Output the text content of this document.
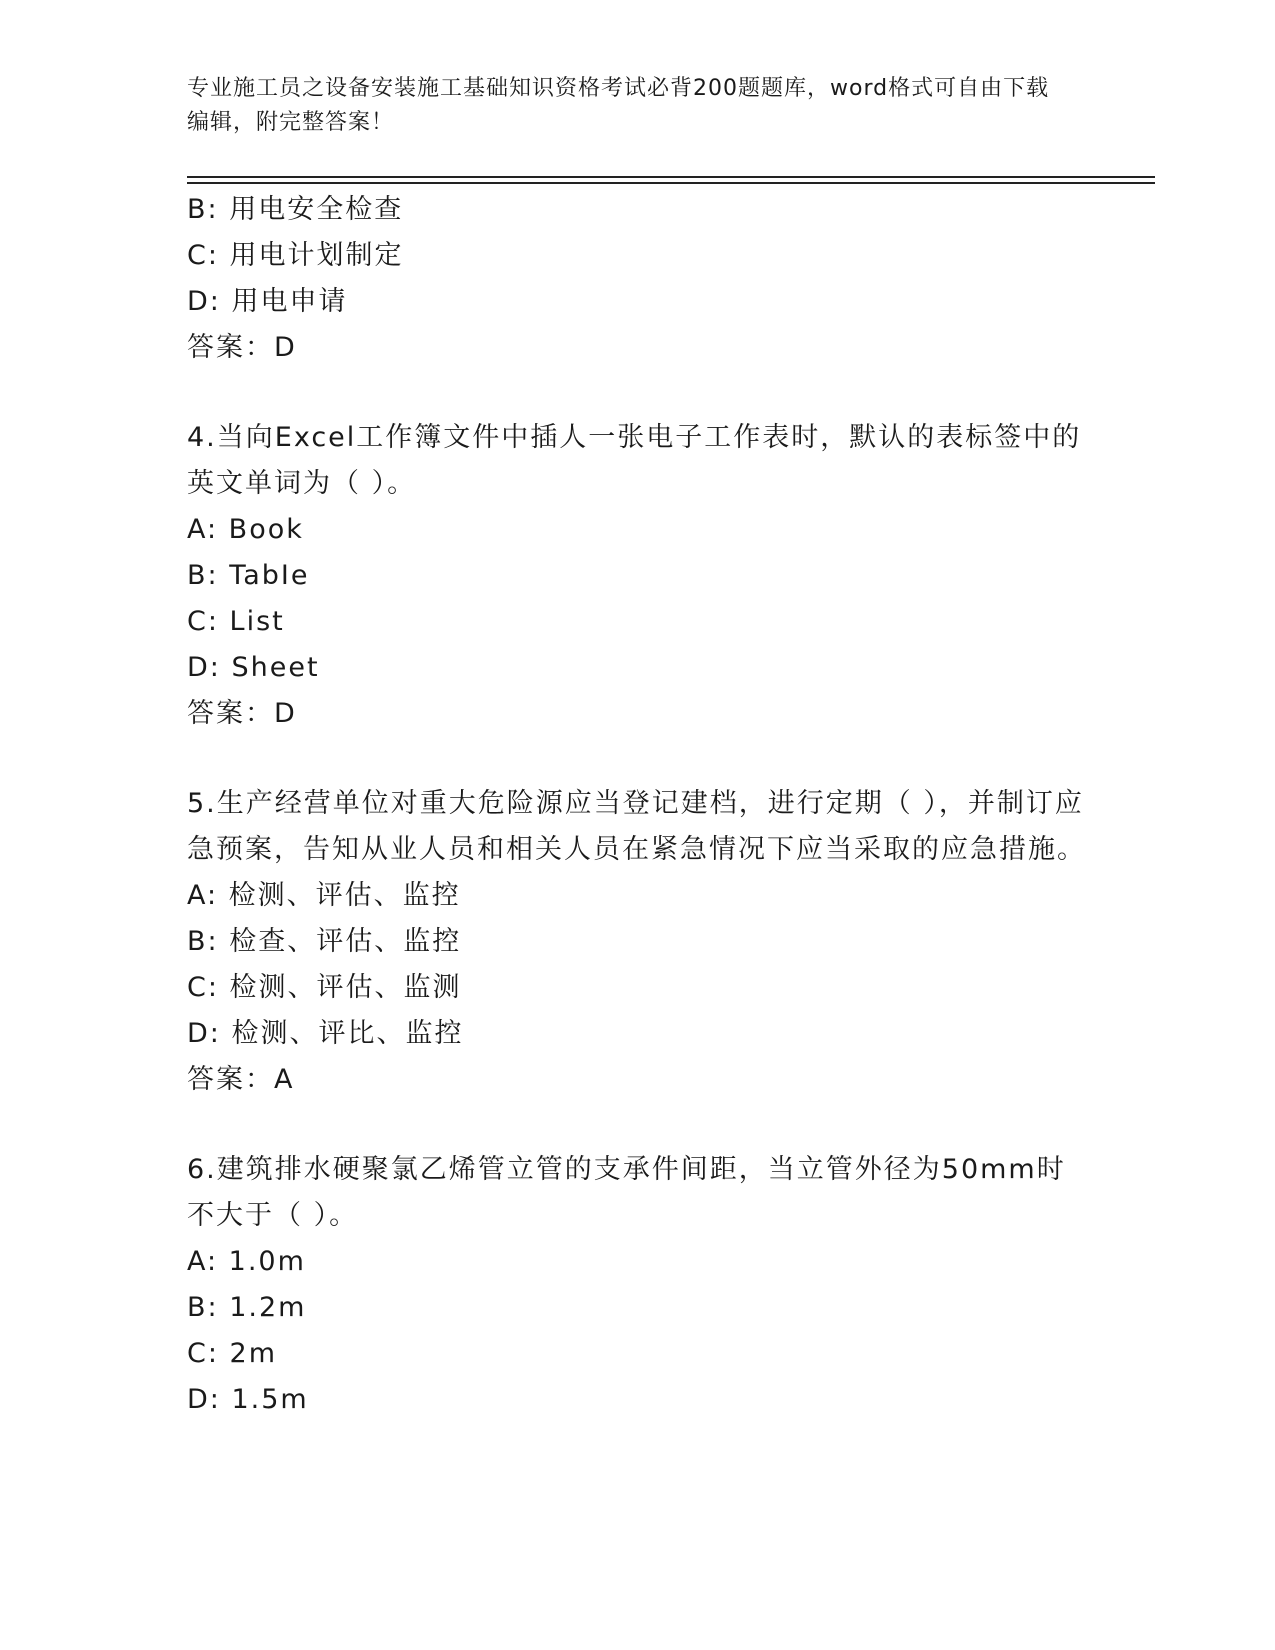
专业施工员之设备安装施工基础知识资格考试必背200题题库，word格式可自由下载编辑，附完整答案！
B: 用电安全检查
C: 用电计划制定
D: 用电申请
答案：D
4.当向Excel工作簿文件中插人一张电子工作表时，默认的表标签中的英文单词为（ ）。
A: Book
B: TabIe
C: List
D: Sheet
答案：D
5.生产经营单位对重大危险源应当登记建档，进行定期（ ），并制订应急预案，告知从业人员和相关人员在紧急情况下应当采取的应急措施。
A: 检测、评估、监控
B: 检查、评估、监控
C: 检测、评估、监测
D: 检测、评比、监控
答案：A
6.建筑排水硬聚氯乙烯管立管的支承件间距，当立管外径为50mm时不大于（ ）。
A: 1.0m
B: 1.2m
C: 2m
D: 1.5m
